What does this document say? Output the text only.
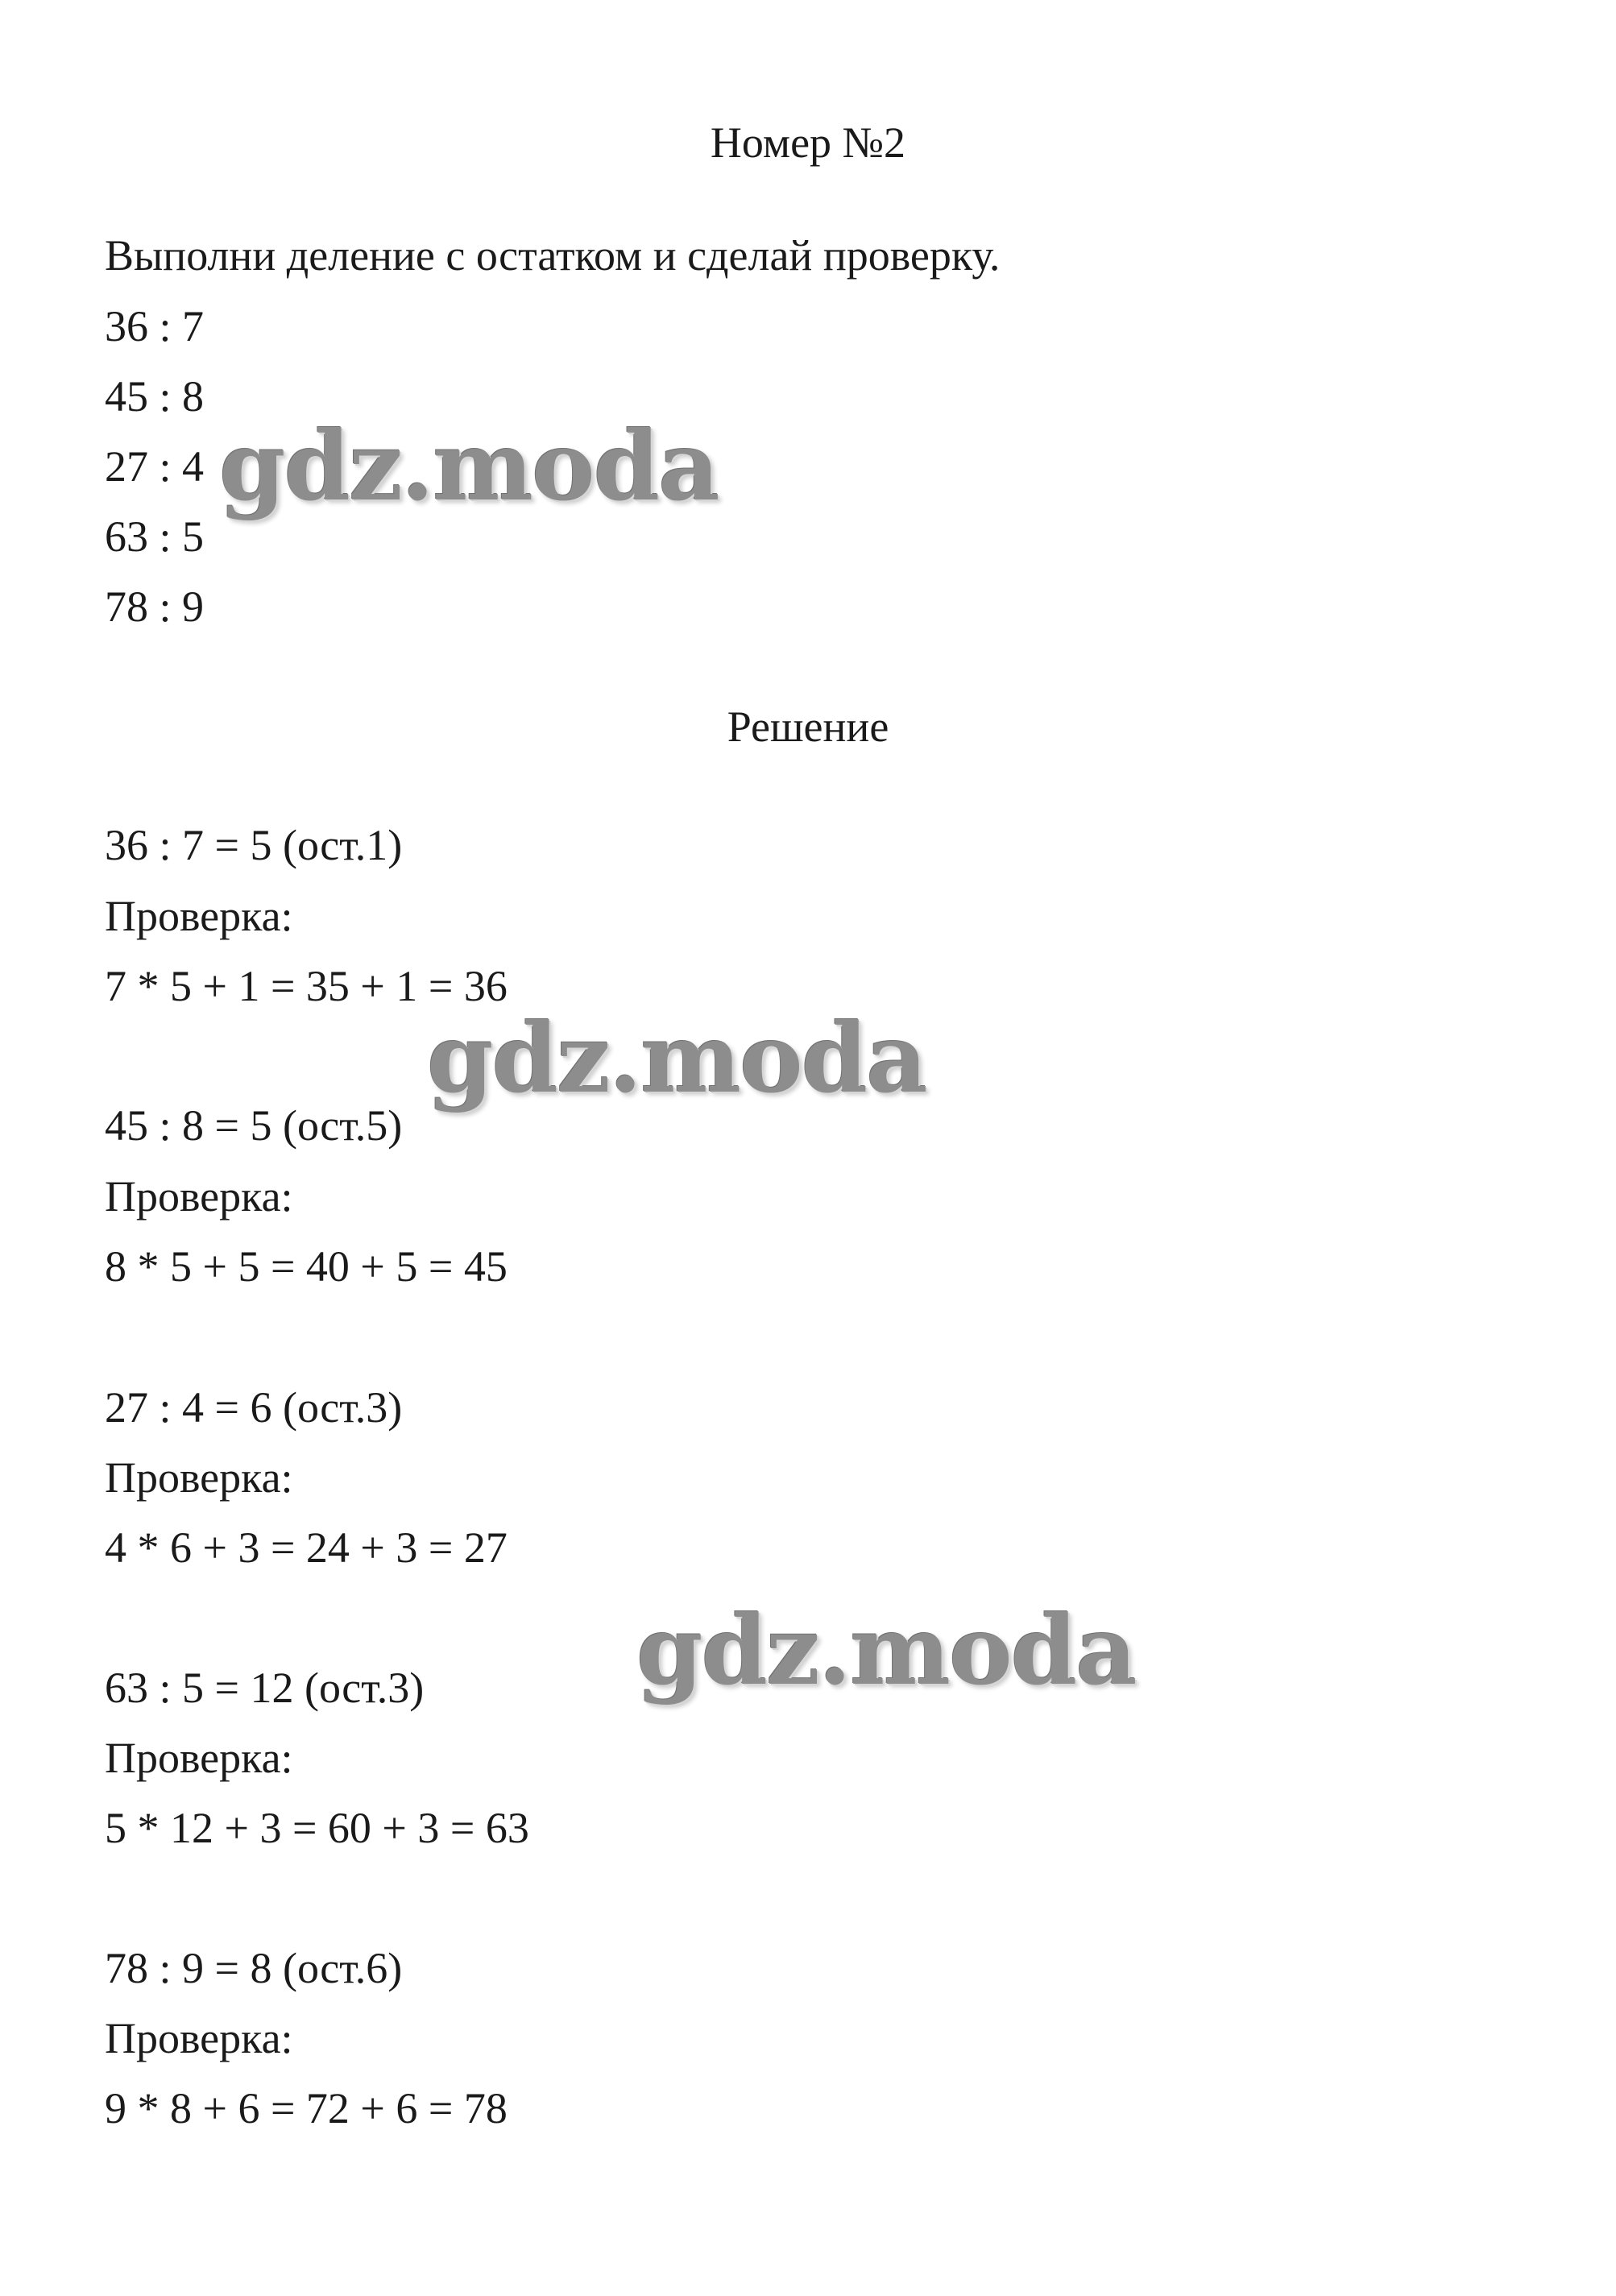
Номер №2
Выполни деление с остатком и сделай проверку.
36 : 7
45 : 8
27 : 4
63 : 5
78 : 9
Решение
36 : 7 = 5 (ост.1)
Проверка:
7 * 5 + 1 = 35 + 1 = 36
45 : 8 = 5 (ост.5)
Проверка:
8 * 5 + 5 = 40 + 5 = 45
27 : 4 = 6 (ост.3)
Проверка:
4 * 6 + 3 = 24 + 3 = 27
63 : 5 = 12 (ост.3)
Проверка:
5 * 12 + 3 = 60 + 3 = 63
78 : 9 = 8 (ост.6)
Проверка:
9 * 8 + 6 = 72 + 6 = 78
gdz.moda
gdz.moda
gdz.moda
